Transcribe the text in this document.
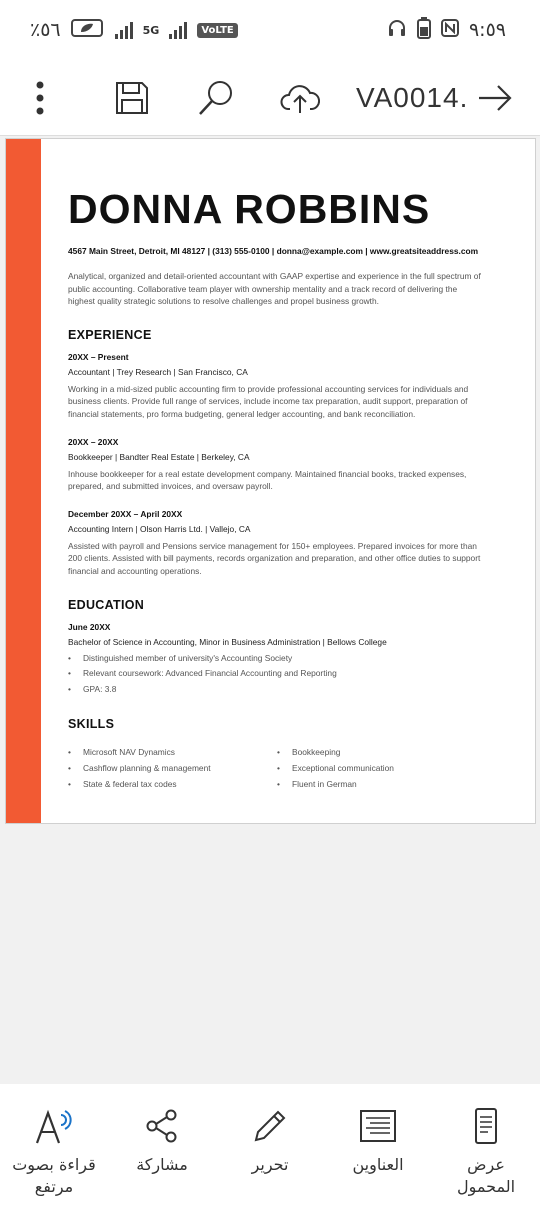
٪٥٦	5G	VoLTE	٩:٥٩
VA0014.
DONNA ROBBINS
4567 Main Street, Detroit, MI 48127 | (313) 555-0100 | donna@example.com | www.greatsiteaddress.com
Analytical, organized and detail-oriented accountant with GAAP expertise and experience in the full spectrum of public accounting. Collaborative team player with ownership mentality and a track record of delivering the highest quality strategic solutions to resolve challenges and propel business growth.
EXPERIENCE
20XX – Present
Accountant | Trey Research | San Francisco, CA
Working in a mid-sized public accounting firm to provide professional accounting services for individuals and business clients. Provide full range of services, include income tax preparation, audit support, preparation of financial statements, pro forma budgeting, general ledger accounting, and bank reconciliation.
20XX – 20XX
Bookkeeper | Bandter Real Estate | Berkeley, CA
Inhouse bookkeeper for a real estate development company. Maintained financial books, tracked expenses, prepared, and submitted invoices, and oversaw payroll.
December 20XX – April 20XX
Accounting Intern | Olson Harris Ltd. | Vallejo, CA
Assisted with payroll and Pensions service management for 150+ employees. Prepared invoices for more than 200 clients. Assisted with bill payments, records organization and preparation, and other office duties to support financial and accounting operations.
EDUCATION
June 20XX
Bachelor of Science in Accounting, Minor in Business Administration | Bellows College
• Distinguished member of university's Accounting Society
• Relevant coursework: Advanced Financial Accounting and Reporting
• GPA: 3.8
SKILLS
• Microsoft NAV Dynamics
• Cashflow planning & management
• State & federal tax codes
• Bookkeeping
• Exceptional communication
• Fluent in German
عرض المحمول
العناوين
تحرير
مشاركة
قراءة بصوت مرتفع
